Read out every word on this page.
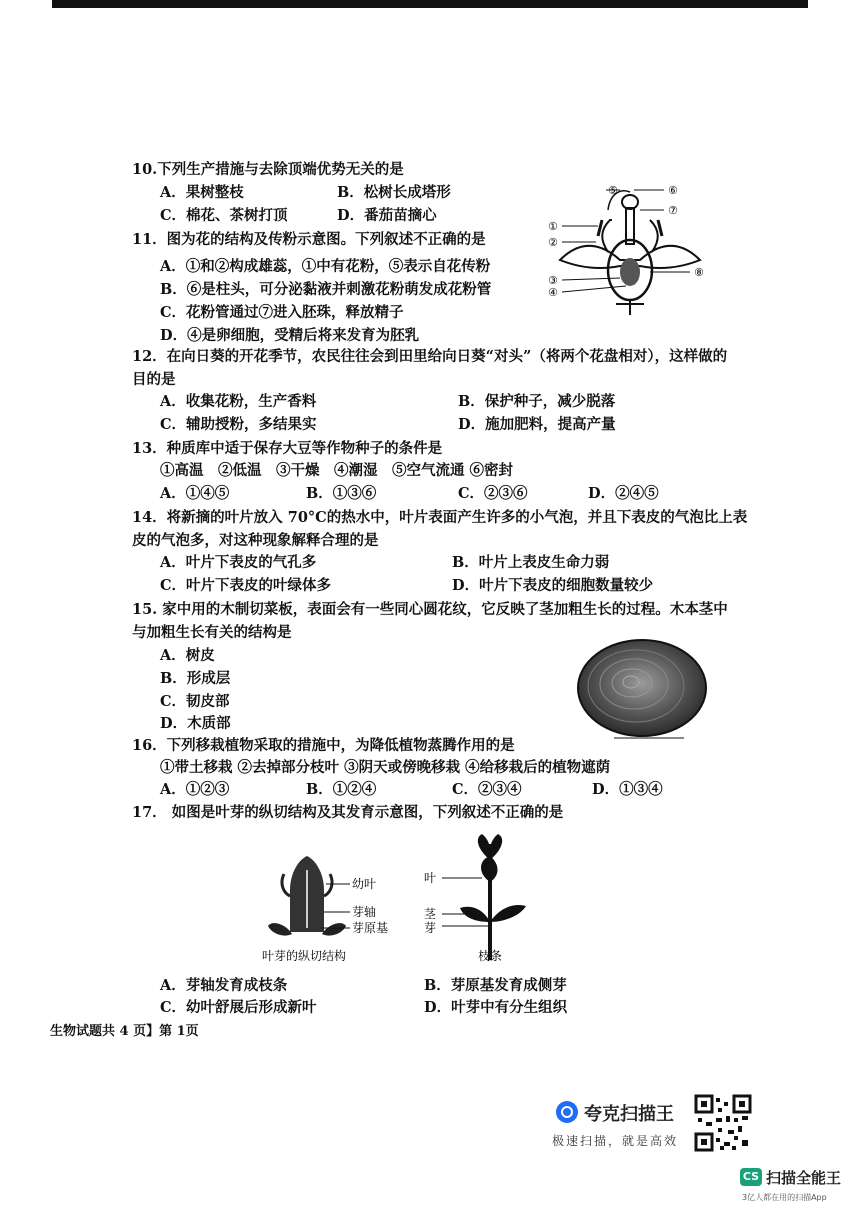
10.下列生产措施与去除顶端优势无关的是
A．果树整枝	B．松树长成塔形
C．棉花、茶树打顶	D．番茄苗摘心
11．图为花的结构及传粉示意图。下列叙述不正确的是
A．①和②构成雄蕊，①中有花粉，⑤表示自花传粉
B．⑥是柱头，可分泌黏液并刺激花粉萌发成花粉管
C．花粉管通过⑦进入胚珠，释放精子
D．④是卵细胞，受精后将来发育为胚乳
⑤	⑥
⑦
①
②
③
④
⑧
12．在向日葵的开花季节，农民往往会到田里给向日葵“对头”（将两个花盘相对），这样做的
目的是
A．收集花粉，生产香料	B．保护种子，减少脱落
C．辅助授粉，多结果实	D．施加肥料，提高产量
13．种质库中适于保存大豆等作物种子的条件是
①高温　②低温　③干燥　④潮湿　⑤空气流通 ⑥密封
A．①④⑤	B．①③⑥	C．②③⑥	D．②④⑤
14．将新摘的叶片放入 70°C的热水中，叶片表面产生许多的小气泡，并且下表皮的气泡比上表
皮的气泡多，对这种现象解释合理的是
A．叶片下表皮的气孔多	B．叶片上表皮生命力弱
C．叶片下表皮的叶绿体多	D．叶片下表皮的细胞数量较少
15. 家中用的木制切菜板，表面会有一些同心圆花纹，它反映了茎加粗生长的过程。木本茎中
与加粗生长有关的结构是
A．树皮
B．形成层
C．韧皮部
D．木质部
16．下列移栽植物采取的措施中，为降低植物蒸腾作用的是
①带土移栽 ②去掉部分枝叶 ③阴天或傍晚移栽 ④给移栽后的植物遮荫
A．①②③	B．①②④	C．②③④	D．①③④
17． 如图是叶芽的纵切结构及其发育示意图，下列叙述不正确的是
幼叶
芽轴
芽原基
叶芽的纵切结构
叶
茎
芽
枝条
A．芽轴发育成枝条	B．芽原基发育成侧芽
C．幼叶舒展后形成新叶	D．叶芽中有分生组织
生物试题共 4 页】第 1页
夸克扫描王
极速扫描，就是高效
CS 扫描全能王
3亿人都在用的扫描App
